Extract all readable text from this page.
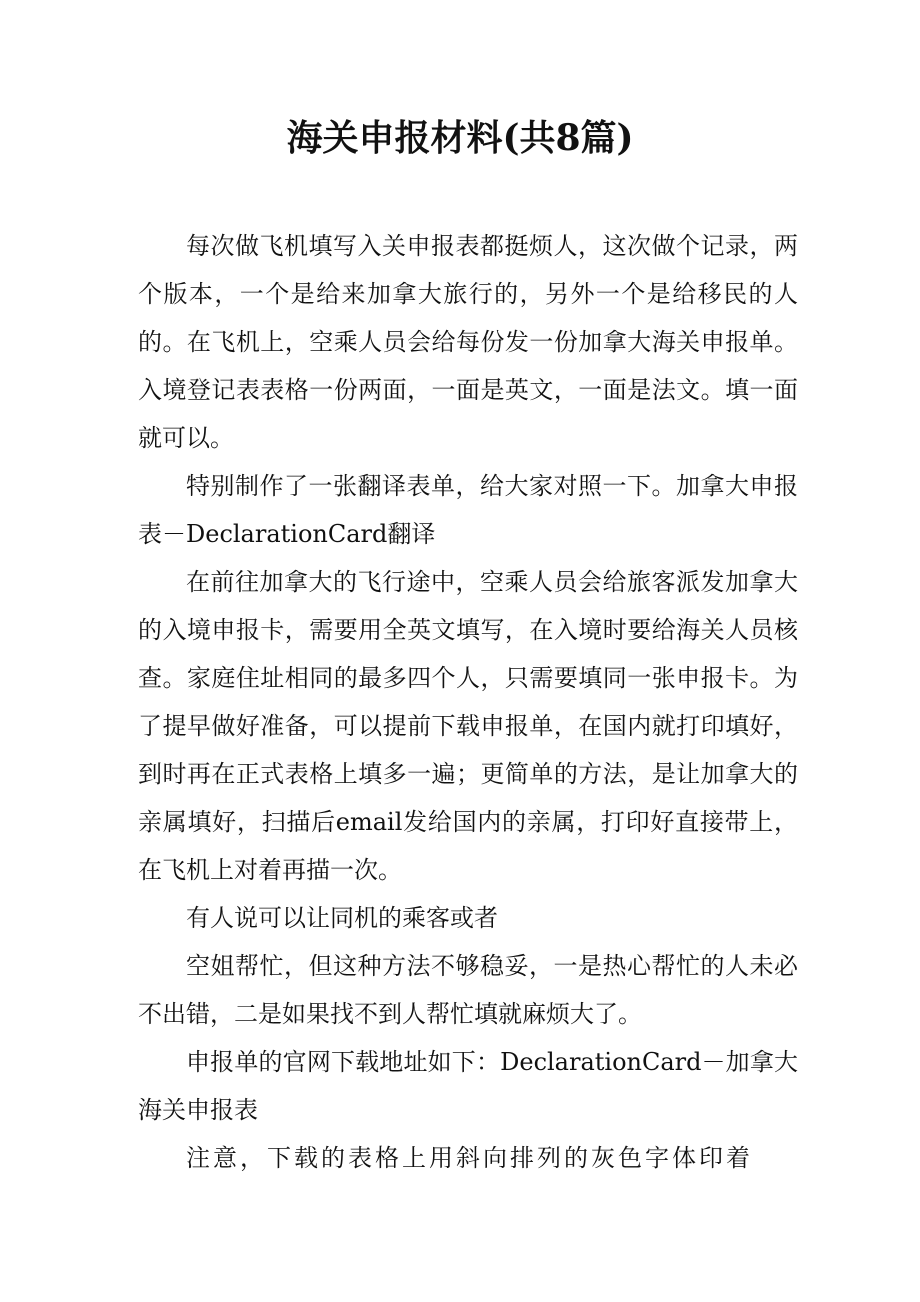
海关申报材料(共8篇)

每次做飞机填写入关申报表都挺烦人，这次做个记录，两个版本，一个是给来加拿大旅行的，另外一个是给移民的人的。在飞机上，空乘人员会给每份发一份加拿大海关申报单。入境登记表表格一份两面，一面是英文，一面是法文。填一面就可以。

特别制作了一张翻译表单，给大家对照一下。加拿大申报表－DeclarationCard翻译

在前往加拿大的飞行途中，空乘人员会给旅客派发加拿大的入境申报卡，需要用全英文填写，在入境时要给海关人员核查。家庭住址相同的最多四个人，只需要填同一张申报卡。为了提早做好准备，可以提前下载申报单，在国内就打印填好，到时再在正式表格上填多一遍；更简单的方法，是让加拿大的亲属填好，扫描后email发给国内的亲属，打印好直接带上，在飞机上对着再描一次。

有人说可以让同机的乘客或者

空姐帮忙，但这种方法不够稳妥，一是热心帮忙的人未必不出错，二是如果找不到人帮忙填就麻烦大了。

申报单的官网下载地址如下：DeclarationCard－加拿大海关申报表

注意，下载的表格上用斜向排列的灰色字体印着
